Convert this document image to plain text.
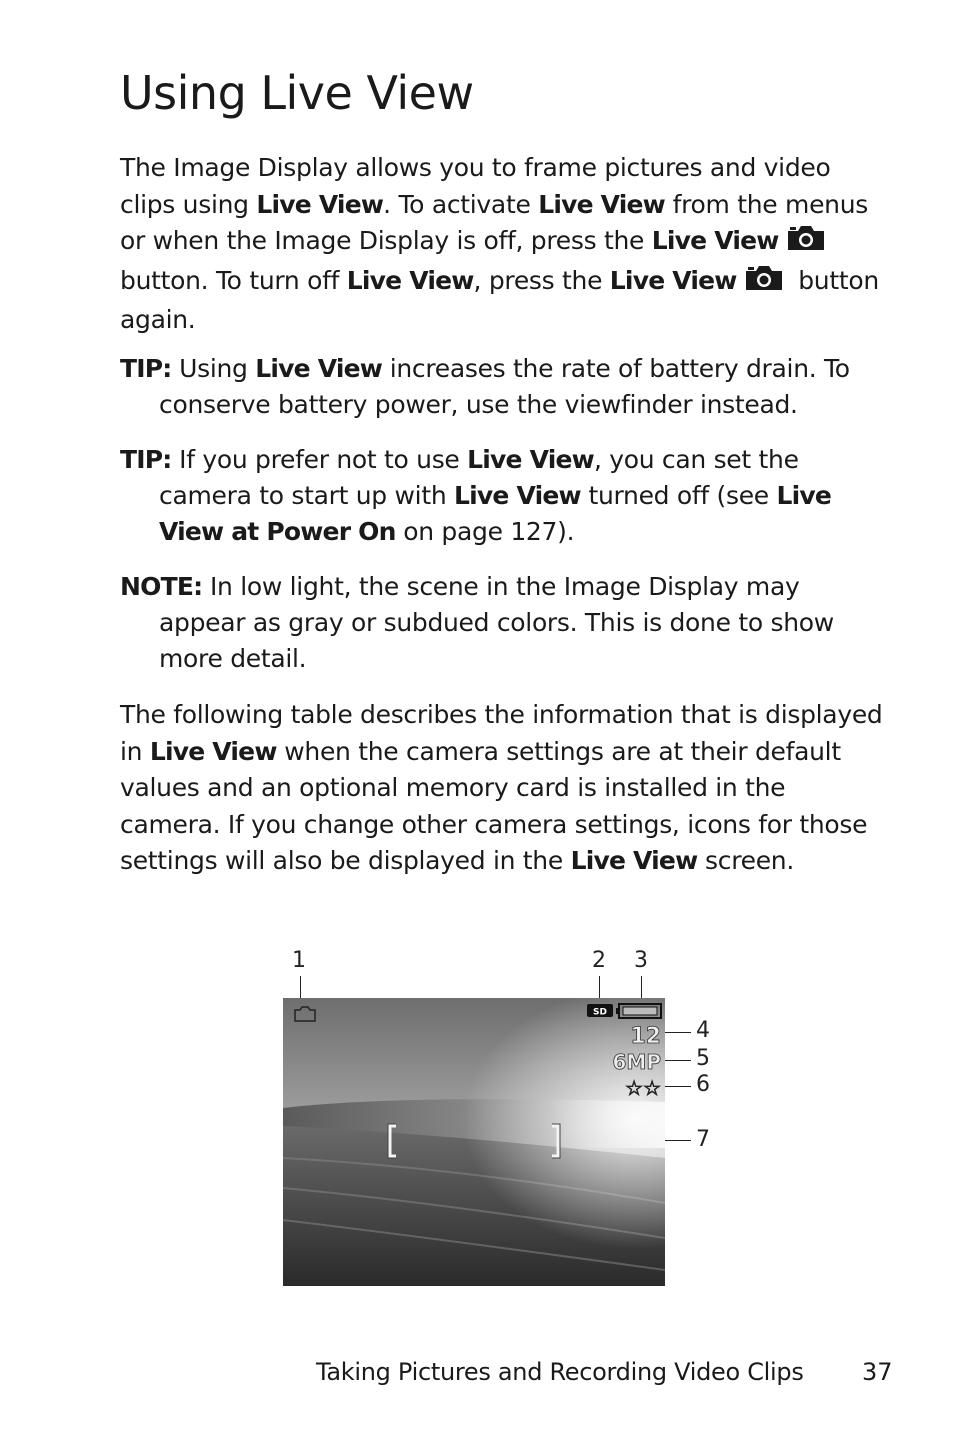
Using Live View

The Image Display allows you to frame pictures and video clips using Live View. To activate Live View from the menus or when the Image Display is off, press the Live View button. To turn off Live View, press the Live View button again.

TIP: Using Live View increases the rate of battery drain. To conserve battery power, use the viewfinder instead.

TIP: If you prefer not to use Live View, you can set the camera to start up with Live View turned off (see Live View at Power On on page 127).

NOTE: In low light, the scene in the Image Display may appear as gray or subdued colors. This is done to show more detail.

The following table describes the information that is displayed in Live View when the camera settings are at their default values and an optional memory card is installed in the camera. If you change other camera settings, icons for those settings will also be displayed in the Live View screen.

1	2 3
4
5
6
7
SD
12
6MP
☆☆
Taking Pictures and Recording Video Clips 37
